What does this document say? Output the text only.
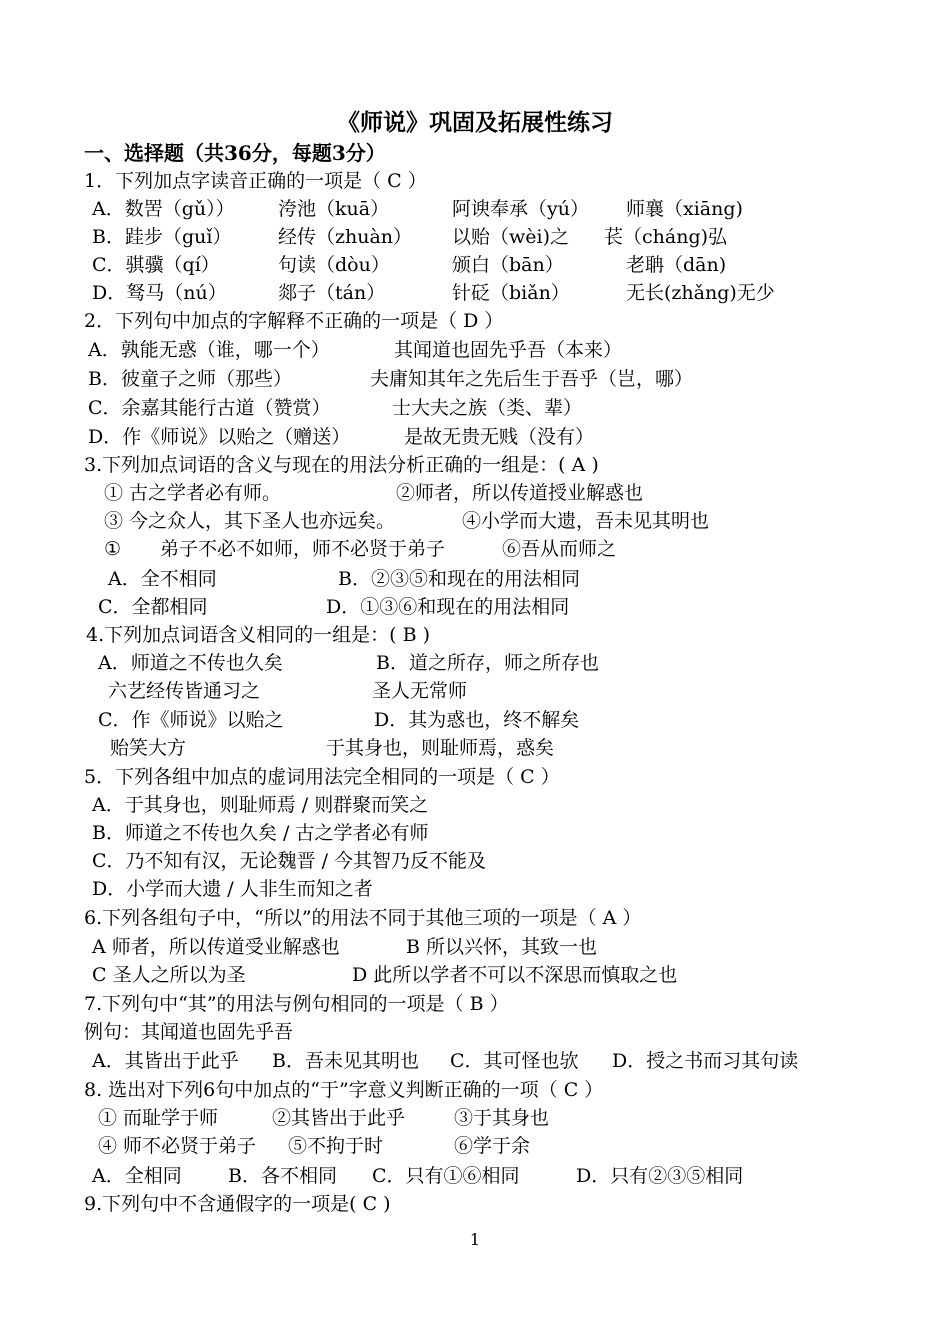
《师说》巩固及拓展性练习
一、选择题（共36分，每题3分）
1．下列加点字读音正确的一项是（ C ）
A．数罟（gǔ）） 洿池（kuā）	阿谀奉承（yú） 师襄（xiāng)
B．跬步（guǐ） 经传（zhuàn） 以贻（wèi)之 苌（cháng)弘
C．骐骥（qí）	句读（dòu）	颁白（bān）	老聃（dān)
D．驽马（nú）	郯子（tán）	针砭（biǎn）	无长(zhǎng)无少
2．下列句中加点的字解释不正确的一项是（ D ）
A．孰能无惑（谁，哪一个）	其闻道也固先乎吾（本来）
B．彼童子之师（那些）	夫庸知其年之先后生于吾乎（岂，哪）
C．余嘉其能行古道（赞赏）	士大夫之族（类、辈）
D．作《师说》以贻之（赠送）	是故无贵无贱（没有）
3.下列加点词语的含义与现在的用法分析正确的一组是：( A )
① 古之学者必有师。	②师者，所以传道授业解惑也
③ 今之众人，其下圣人也亦远矣。	④小学而大遗，吾未见其明也
① 弟子不必不如师，师不必贤于弟子	⑥吾从而师之
A．全不相同	B．②③⑤和现在的用法相同
C．全都相同	D．①③⑥和现在的用法相同
4.下列加点词语含义相同的一组是：( B )
A．师道之不传也久矣	B．道之所存，师之所存也
六艺经传皆通习之	圣人无常师
C．作《师说》以贻之	D．其为惑也，终不解矣
贻笑大方	于其身也，则耻师焉，惑矣
5．下列各组中加点的虚词用法完全相同的一项是（ C ）
A．于其身也，则耻师焉 / 则群聚而笑之
B．师道之不传也久矣 / 古之学者必有师
C．乃不知有汉，无论魏晋 / 今其智乃反不能及
D．小学而大遗 / 人非生而知之者
6.下列各组句子中，“所以”的用法不同于其他三项的一项是（ A ）
A 师者，所以传道受业解惑也	B 所以兴怀，其致一也
C 圣人之所以为圣	D 此所以学者不可以不深思而慎取之也
7.下列句中“其”的用法与例句相同的一项是（ B ）
例句：其闻道也固先乎吾
A．其皆出于此乎 B．吾未见其明也 C．其可怪也欤 D．授之书而习其句读
8. 选出对下列6句中加点的“于”字意义判断正确的一项（ C ）
① 而耻学于师	②其皆出于此乎	③于其身也
④ 师不必贤于弟子 ⑤不拘于时	⑥学于余
A．全相同 B．各不相同 C．只有①⑥相同	D．只有②③⑤相同
9.下列句中不含通假字的一项是( C )
1
